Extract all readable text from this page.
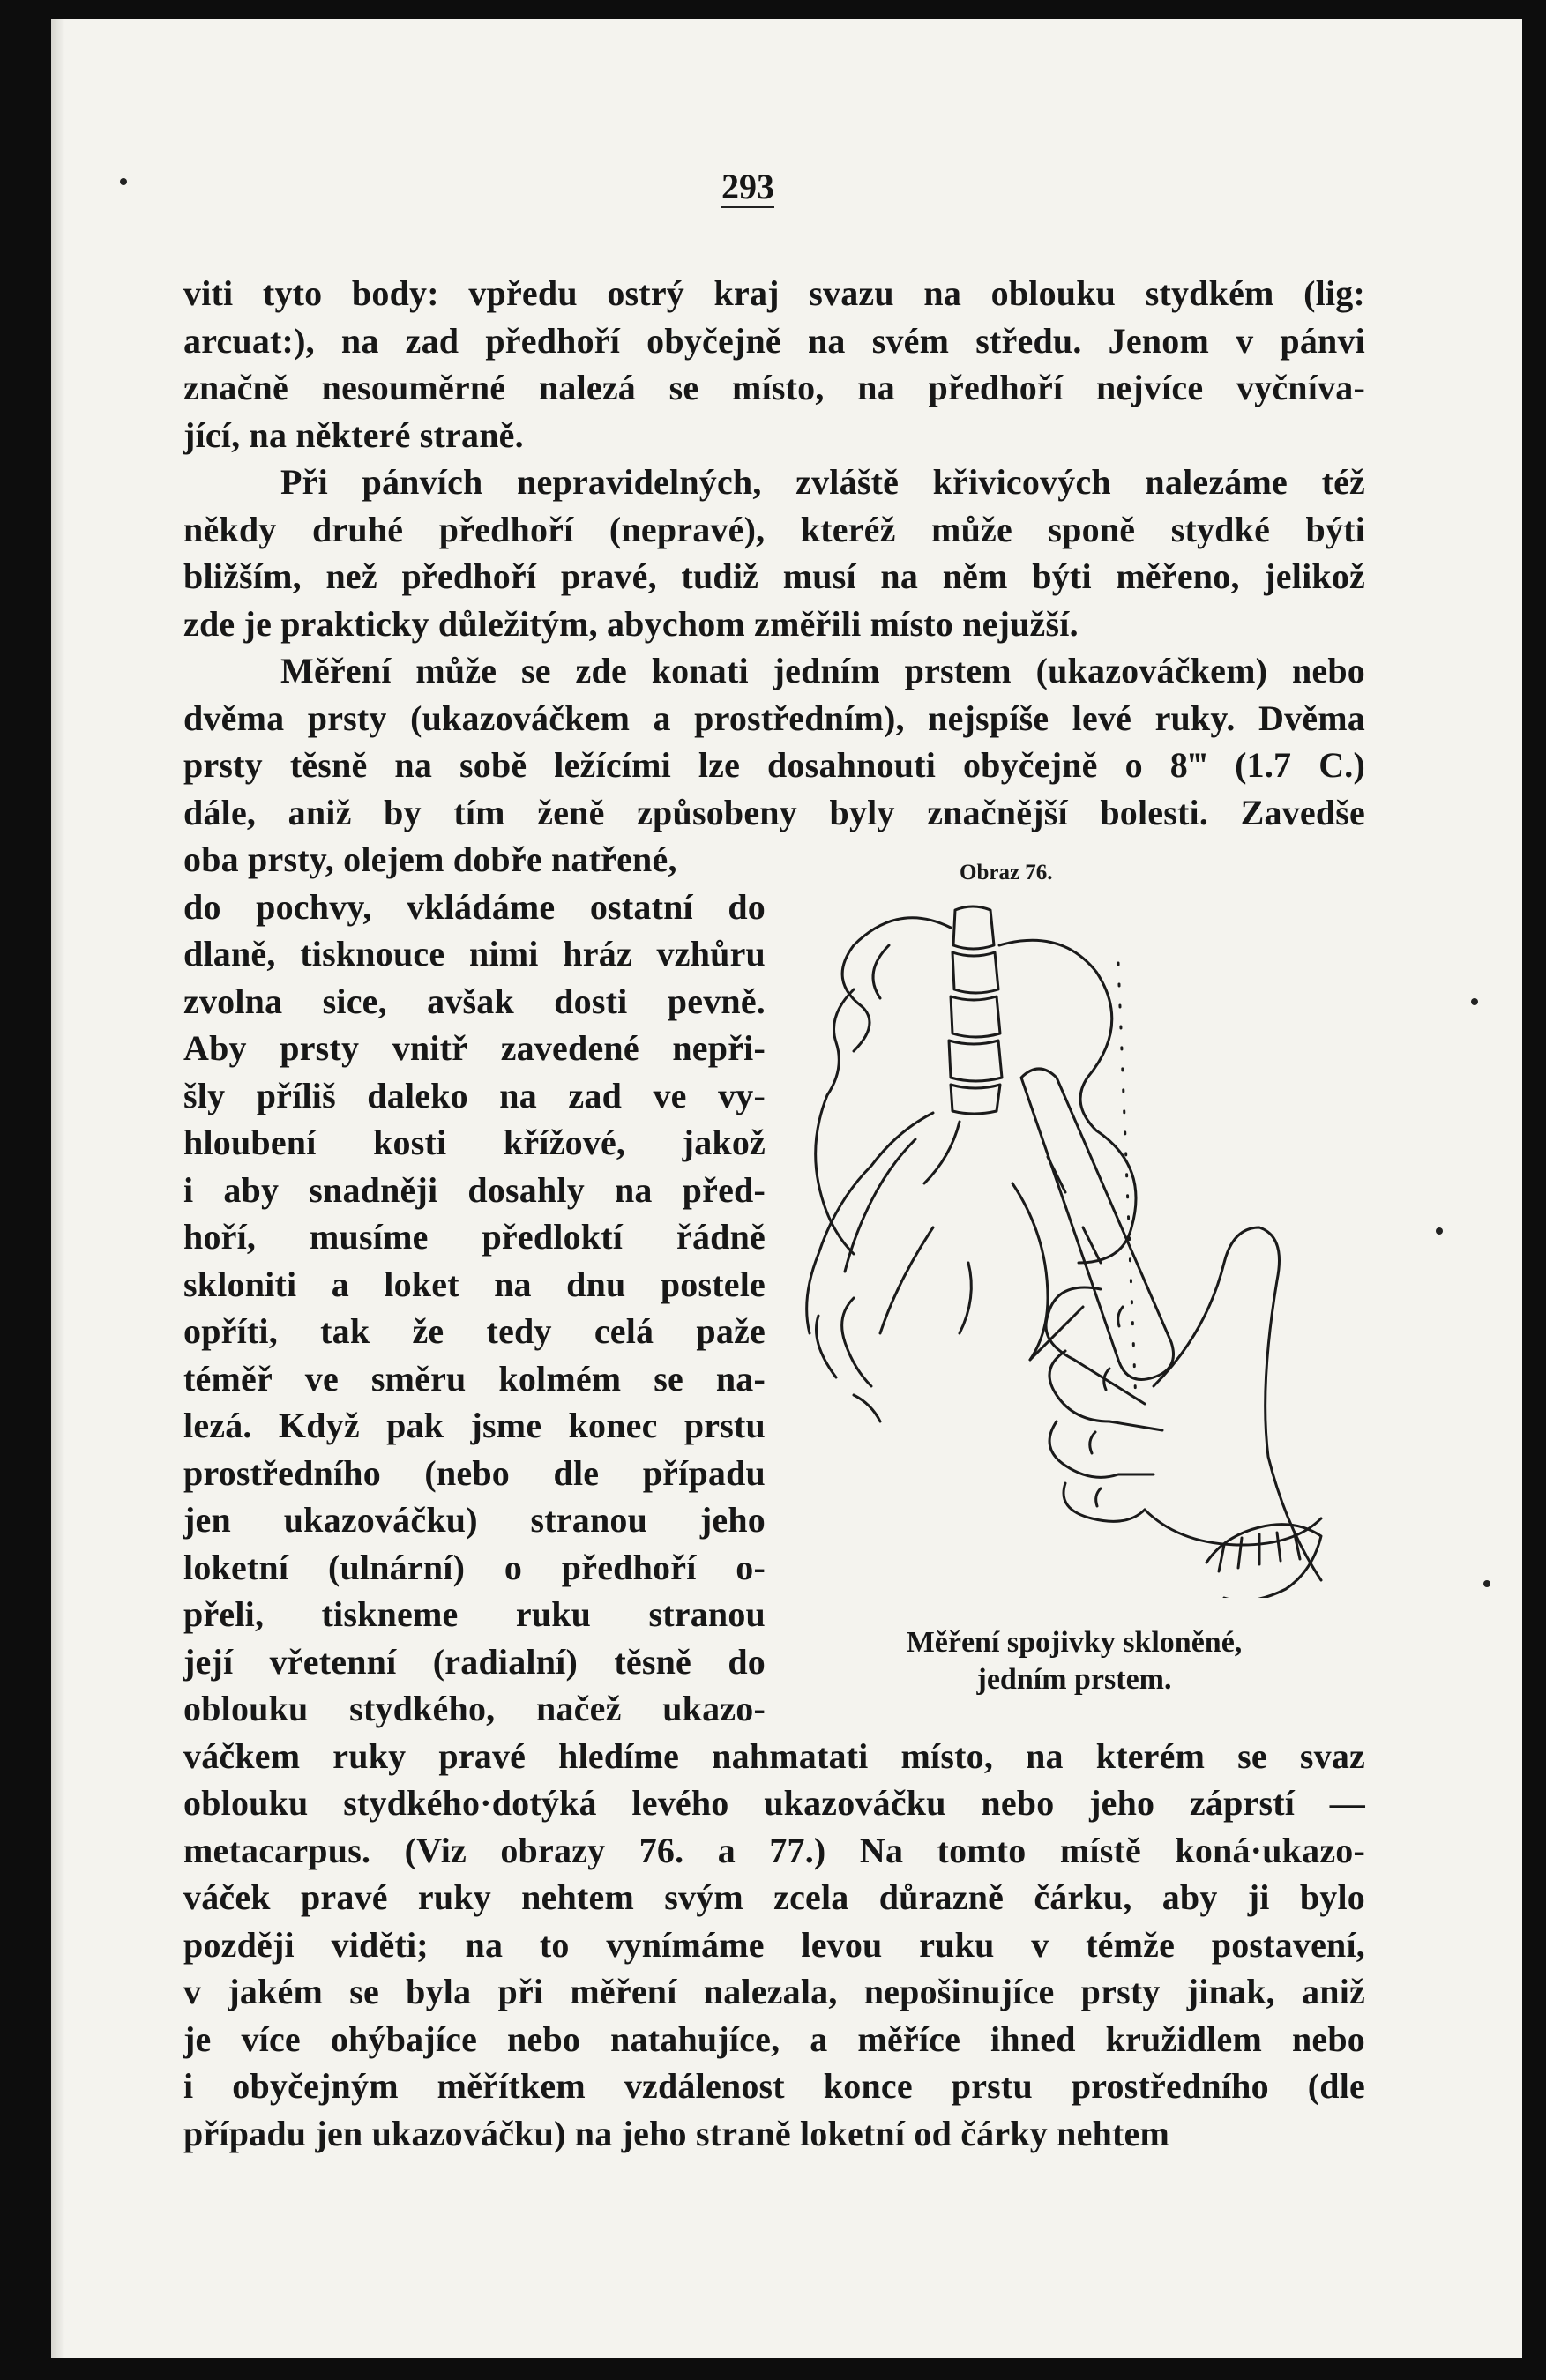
293
viti tyto body: vpředu ostrý kraj svazu na oblouku stydkém (lig:
arcuat:), na zad předhoří obyčejně na svém středu. Jenom v pánvi
značně nesouměrné nalezá se místo, na předhoří nejvíce vyčníva-
jící, na některé straně.
Při pánvích nepravidelných, zvláště křivicových nalezáme též
někdy druhé předhoří (nepravé), kteréž může sponě stydké býti
bližším, než předhoří pravé, tudiž musí na něm býti měřeno, jelikož
zde je prakticky důležitým, abychom změřili místo nejužší.
Měření může se zde konati jedním prstem (ukazováčkem) nebo
dvěma prsty (ukazováčkem a prostředním), nejspíše levé ruky. Dvěma
prsty těsně na sobě ležícími lze dosahnouti obyčejně o 8‴ (1.7 C.)
dále, aniž by tím ženě způsobeny byly značnější bolesti. Zavedše
oba prsty, olejem dobře natřené,
do pochvy, vkládáme ostatní do
dlaně, tisknouce nimi hráz vzhůru
zvolna sice, avšak dosti pevně.
Aby prsty vnitř zavedené nepři-
šly příliš daleko na zad ve vy-
hloubení kosti křížové, jakož
i aby snadněji dosahly na před-
hoří, musíme předloktí řádně
skloniti a loket na dnu postele
opříti, tak že tedy celá paže
téměř ve směru kolmém se na-
lezá. Když pak jsme konec prstu
prostředního (nebo dle případu
jen ukazováčku) stranou jeho
loketní (ulnární) o předhoří o-
přeli, tiskneme ruku stranou
její vřetenní (radialní) těsně do
oblouku stydkého, načež ukazo-
váčkem ruky pravé hledíme nahmatati místo, na kterém se svaz
oblouku stydkého·dotýká levého ukazováčku nebo jeho záprstí —
metacarpus. (Viz obrazy 76. a 77.) Na tomto místě koná·ukazo-
váček pravé ruky nehtem svým zcela důrazně čárku, aby ji bylo
později viděti; na to vynímáme levou ruku v témže postavení,
v jakém se byla při měření nalezala, nepošinujíce prsty jinak, aniž
je více ohýbajíce nebo natahujíce, a měříce ihned kružidlem nebo
i obyčejným měřítkem vzdálenost konce prstu prostředního (dle
případu jen ukazováčku) na jeho straně loketní od čárky nehtem
Obraz 76.
Měření spojivky skloněné,
jedním prstem.
